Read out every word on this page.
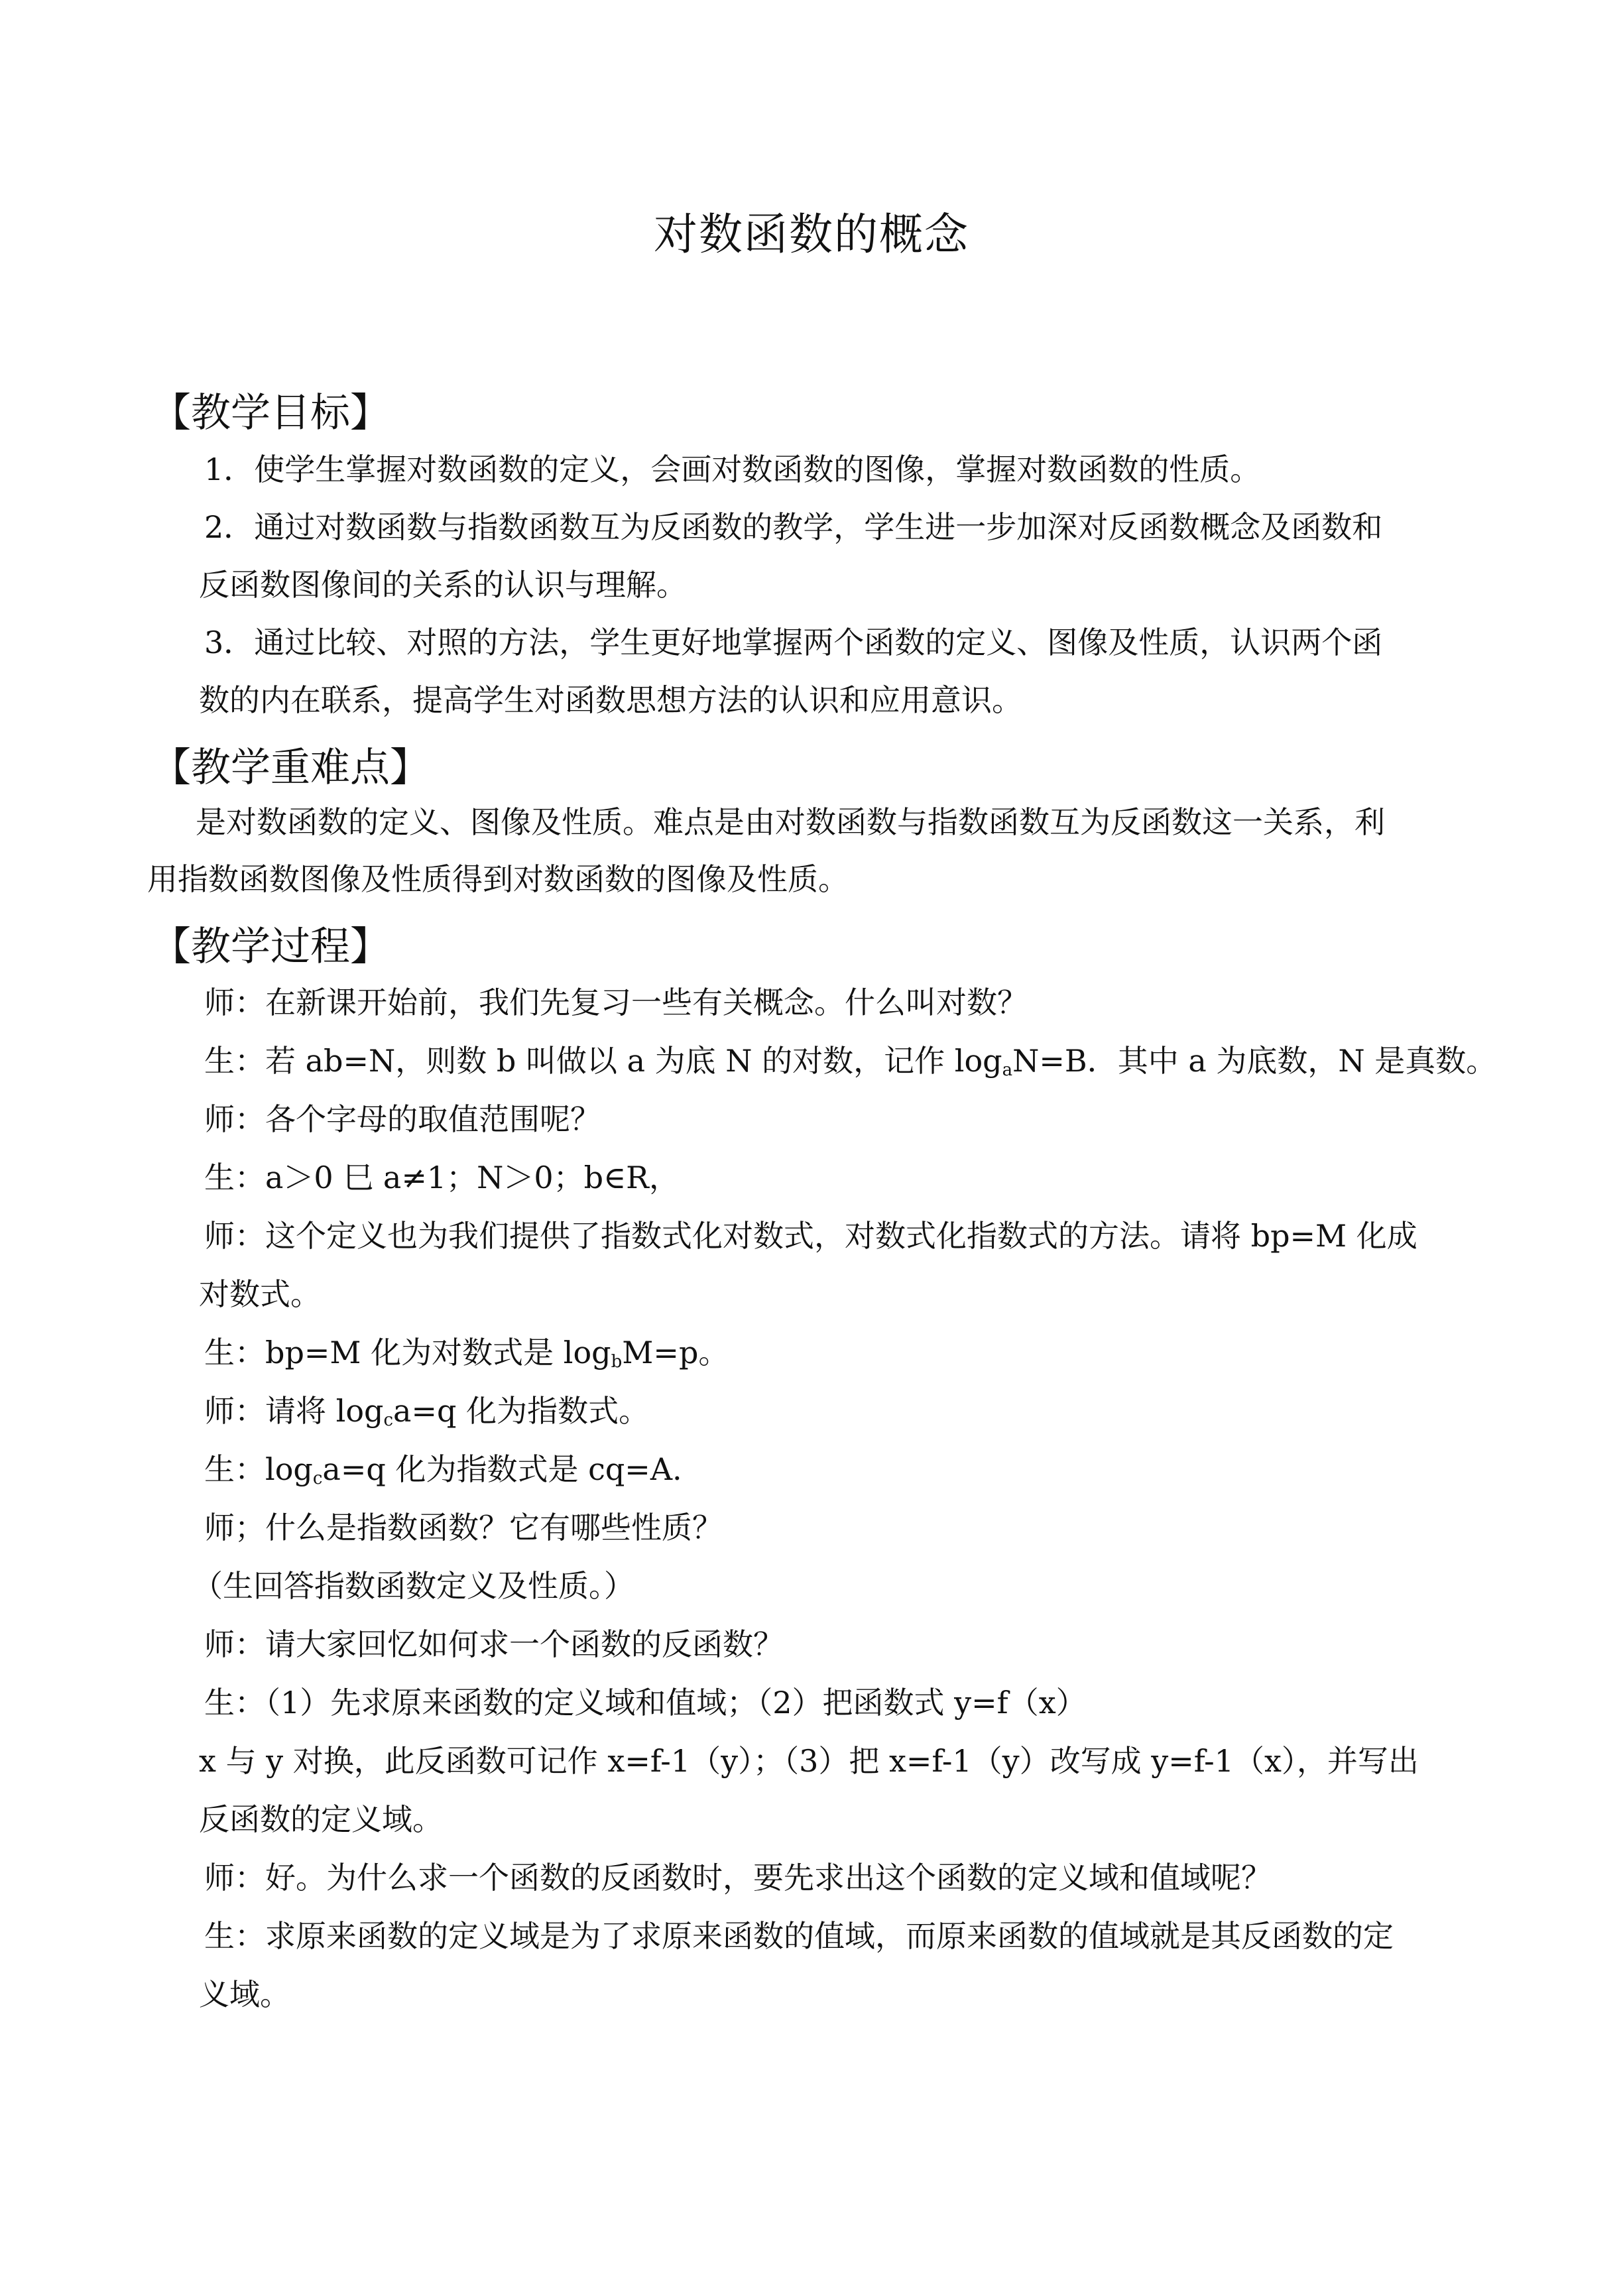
对数函数的概念
【教学目标】
1．使学生掌握对数函数的定义，会画对数函数的图像，掌握对数函数的性质。
2．通过对数函数与指数函数互为反函数的教学，学生进一步加深对反函数概念及函数和
反函数图像间的关系的认识与理解。
3．通过比较、对照的方法，学生更好地掌握两个函数的定义、图像及性质，认识两个函
数的内在联系，提高学生对函数思想方法的认识和应用意识。
【教学重难点】
是对数函数的定义、图像及性质。难点是由对数函数与指数函数互为反函数这一关系，利
用指数函数图像及性质得到对数函数的图像及性质。
【教学过程】
师：在新课开始前，我们先复习一些有关概念。什么叫对数？
生：若 ab=N，则数 b 叫做以 a 为底 N 的对数，记作 $\log_aN=B$．其中 a 为底数，N 是真数。
师：各个字母的取值范围呢？
生：a＞0 巳 a≠1；N＞0；b∈R，
师：这个定义也为我们提供了指数式化对数式，对数式化指数式的方法。请将 bp=M 化成
对数式。
生：bp=M 化为对数式是 $\log_bM=p$。
师：请将 $\log_ca=q$ 化为指数式。
生：$\log_ca=q$ 化为指数式是 cq=A.
师；什么是指数函数？它有哪些性质？
（生回答指数函数定义及性质。）
师：请大家回忆如何求一个函数的反函数？
生：（1）先求原来函数的定义域和值域；（2）把函数式 y=f（x）
x 与 y 对换，此反函数可记作 x=f-1（y）；（3）把 x=f-1（y）改写成 y=f-1（x），并写出
反函数的定义域。
师：好。为什么求一个函数的反函数时，要先求出这个函数的定义域和值域呢？
生：求原来函数的定义域是为了求原来函数的值域，而原来函数的值域就是其反函数的定
义域。
